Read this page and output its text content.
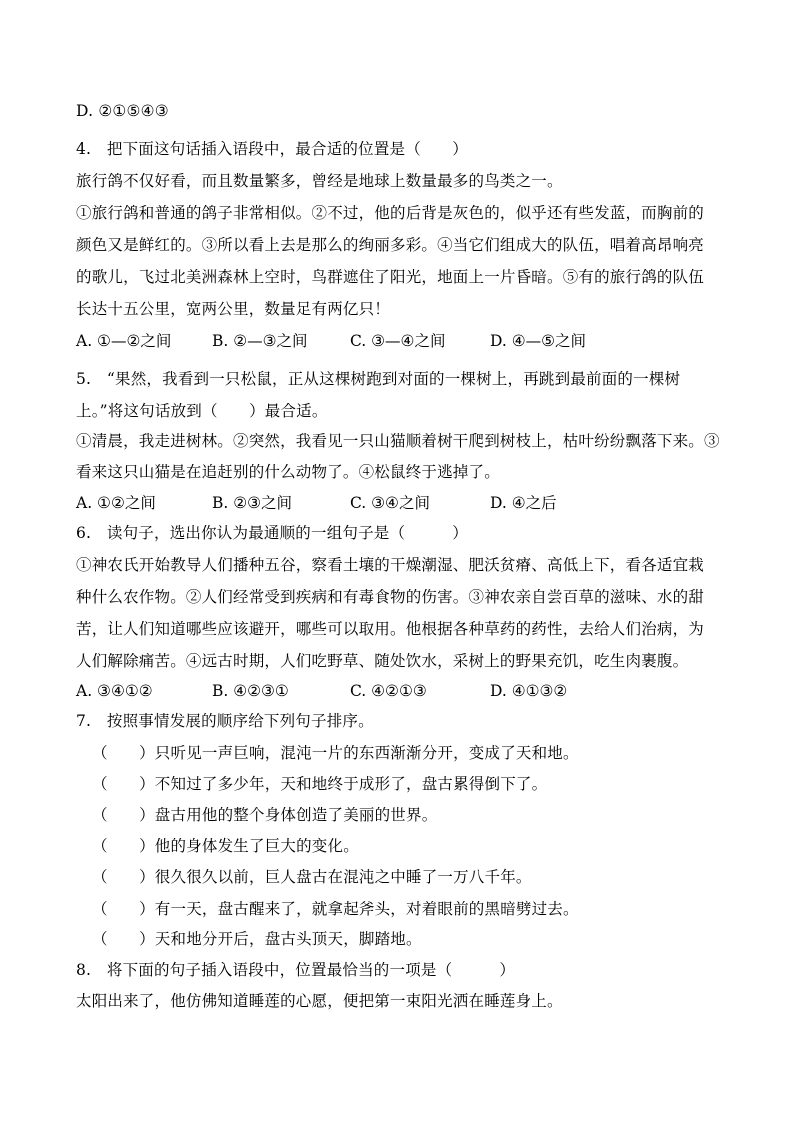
D. ②①⑤④③
4.　把下面这句话插入语段中，最合适的位置是（　　）
旅行鸽不仅好看，而且数量繁多，曾经是地球上数量最多的鸟类之一。
①旅行鸽和普通的鸽子非常相似。②不过，他的后背是灰色的，似乎还有些发蓝，而胸前的
颜色又是鲜红的。③所以看上去是那么的绚丽多彩。④当它们组成大的队伍，唱着高昂响亮
的歌儿，飞过北美洲森林上空时，鸟群遮住了阳光，地面上一片昏暗。⑤有的旅行鸽的队伍
长达十五公里，宽两公里，数量足有两亿只！
A. ①—②之间	B. ②—③之间	C. ③—④之间	D. ④—⑤之间
5.　“果然，我看到一只松鼠，正从这棵树跑到对面的一棵树上，再跳到最前面的一棵树
上。”将这句话放到（　　）最合适。
①清晨，我走进树林。②突然，我看见一只山猫顺着树干爬到树枝上，枯叶纷纷飘落下来。③
看来这只山猫是在追赶别的什么动物了。④松鼠终于逃掉了。
A. ①②之间	B. ②③之间	C. ③④之间	D. ④之后
6.　读句子，选出你认为最通顺的一组句子是（　　　）
①神农氏开始教导人们播种五谷，察看土壤的干燥潮湿、肥沃贫瘠、高低上下，看各适宜栽
种什么农作物。②人们经常受到疾病和有毒食物的伤害。③神农亲自尝百草的滋味、水的甜
苦，让人们知道哪些应该避开，哪些可以取用。他根据各种草药的药性，去给人们治病，为
人们解除痛苦。④远古时期，人们吃野草、随处饮水，采树上的野果充饥，吃生肉裹腹。
A. ③④①②	B. ④②③①	C. ④②①③	D. ④①③②
7.　按照事情发展的顺序给下列句子排序。
（　　）只听见一声巨响，混沌一片的东西渐渐分开，变成了天和地。
（　　）不知过了多少年，天和地终于成形了，盘古累得倒下了。
（　　）盘古用他的整个身体创造了美丽的世界。
（　　）他的身体发生了巨大的变化。
（　　）很久很久以前，巨人盘古在混沌之中睡了一万八千年。
（　　）有一天，盘古醒来了，就拿起斧头，对着眼前的黑暗劈过去。
（　　）天和地分开后，盘古头顶天，脚踏地。
8.　将下面的句子插入语段中，位置最恰当的一项是（　　　）
太阳出来了，他仿佛知道睡莲的心愿，便把第一束阳光洒在睡莲身上。
